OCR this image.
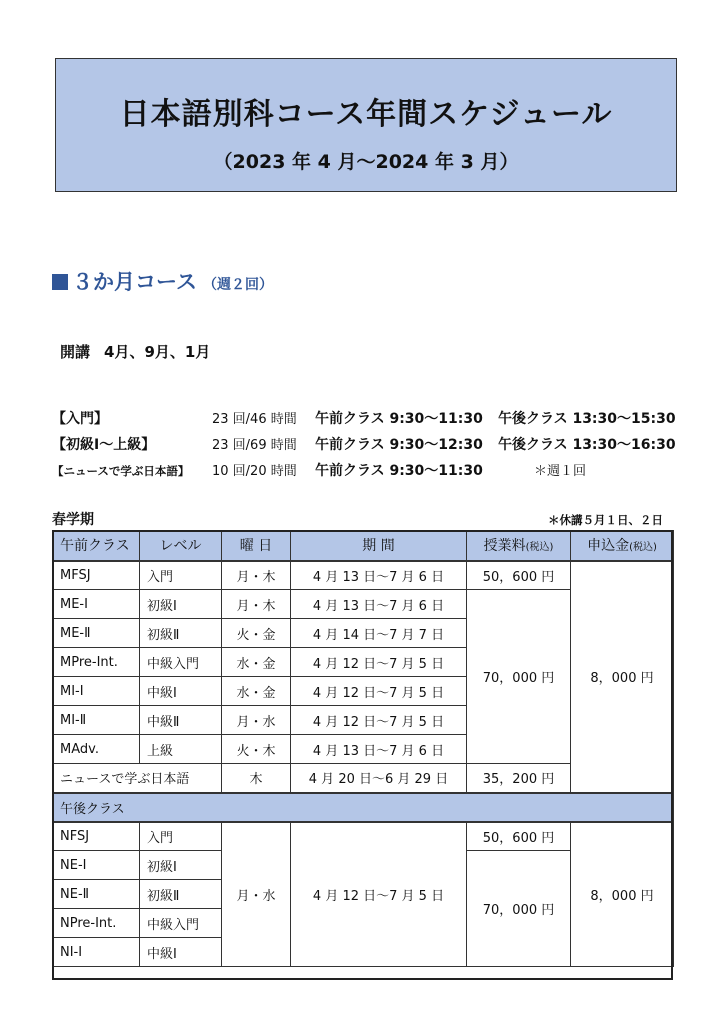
日本語別科コース年間スケジュール
（2023 年 4 月～2024 年 3 月）
３か月コース （週２回）
開講 4月、9月、1月
【入門】	23 回/46 時間 午前クラス 9:30～11:30 午後クラス 13:30～15:30
【初級Ⅰ～上級】	23 回/69 時間 午前クラス 9:30～12:30 午後クラス 13:30～16:30
【ニュースで学ぶ日本語】 10 回/20 時間 午前クラス 9:30～11:30	＊週１回
春学期	＊休講５月１日、２日
午前クラス	レベル	曜 日	期 間	授業料(税込)	申込金(税込)
MFSJ	入門	月・木	4 月 13 日～7 月 6 日	50，600 円	8，000 円
ME-Ⅰ	初級Ⅰ	月・木	4 月 13 日～7 月 6 日	70，000 円	
ME-Ⅱ	初級Ⅱ	火・金	4 月 14 日～7 月 7 日		
MPre-Int.	中級入門	水・金	4 月 12 日～7 月 5 日		
MI-Ⅰ	中級Ⅰ	水・金	4 月 12 日～7 月 5 日		
MI-Ⅱ	中級Ⅱ	月・水	4 月 12 日～7 月 5 日		
MAdv.	上級	火・木	4 月 13 日～7 月 6 日		
ニュースで学ぶ日本語		木	4 月 20 日～6 月 29 日	35，200 円	
午後クラス					
NFSJ	入門	月・水	4 月 12 日～7 月 5 日	50，600 円	8，000 円
NE-Ⅰ	初級Ⅰ			70，000 円	
NE-Ⅱ	初級Ⅱ				
NPre-Int.	中級入門				
NI-Ⅰ	中級Ⅰ				
